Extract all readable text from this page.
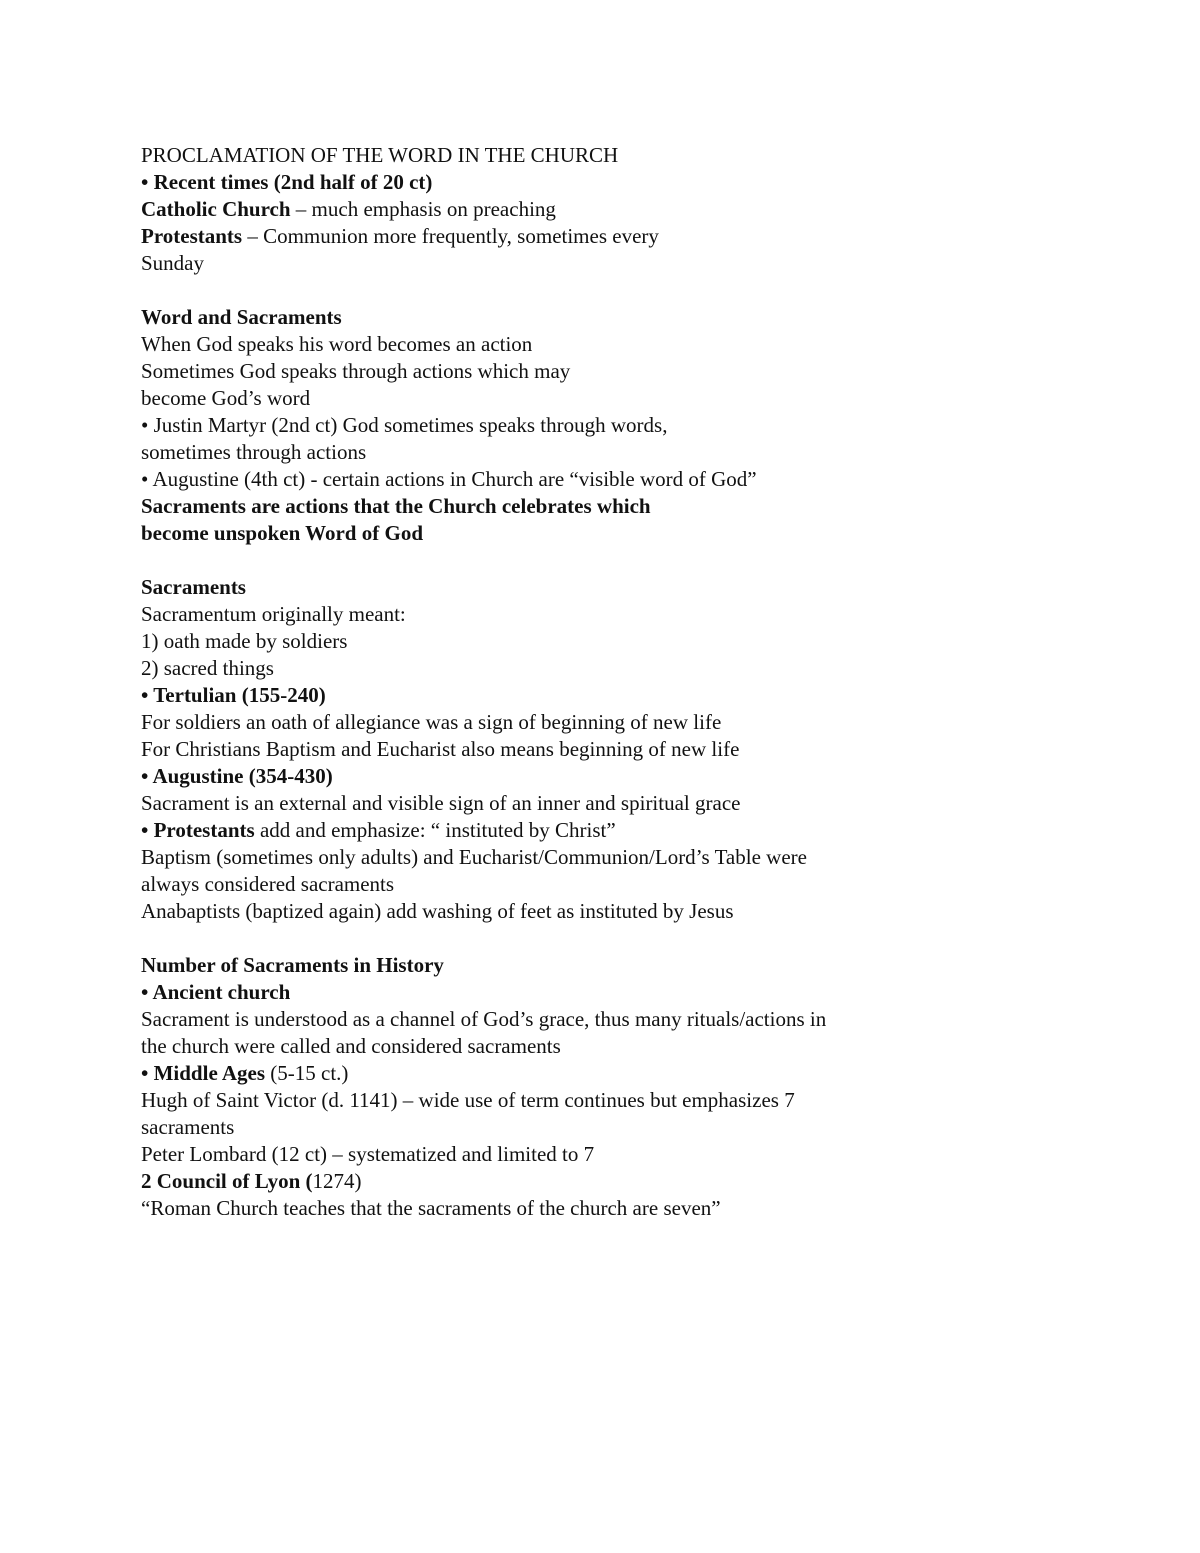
PROCLAMATION OF THE WORD IN THE CHURCH
• Recent times (2nd half of 20 ct)
Catholic Church – much emphasis on preaching
Protestants – Communion more frequently, sometimes every
Sunday
Word and Sacraments
When God speaks his word becomes an action
Sometimes God speaks through actions which may
become God’s word
• Justin Martyr (2nd ct) God sometimes speaks through words,
sometimes through actions
• Augustine (4th ct) - certain actions in Church are “visible word of God”
Sacraments are actions that the Church celebrates which
become unspoken Word of God
Sacraments
Sacramentum originally meant:
1) oath made by soldiers
2) sacred things
• Tertulian (155-240)
For soldiers an oath of allegiance was a sign of beginning of new life
For Christians Baptism and Eucharist also means beginning of new life
• Augustine (354-430)
Sacrament is an external and visible sign of an inner and spiritual grace
• Protestants add and emphasize: “ instituted by Christ”
Baptism (sometimes only adults) and Eucharist/Communion/Lord’s Table were
always considered sacraments
Anabaptists (baptized again) add washing of feet as instituted by Jesus
Number of Sacraments in History
• Ancient church
Sacrament is understood as a channel of God’s grace, thus many rituals/actions in
the church were called and considered sacraments
• Middle Ages (5-15 ct.)
Hugh of Saint Victor (d. 1141) – wide use of term continues but emphasizes 7
sacraments
Peter Lombard (12 ct) – systematized and limited to 7
2 Council of Lyon (1274)
“Roman Church teaches that the sacraments of the church are seven”
